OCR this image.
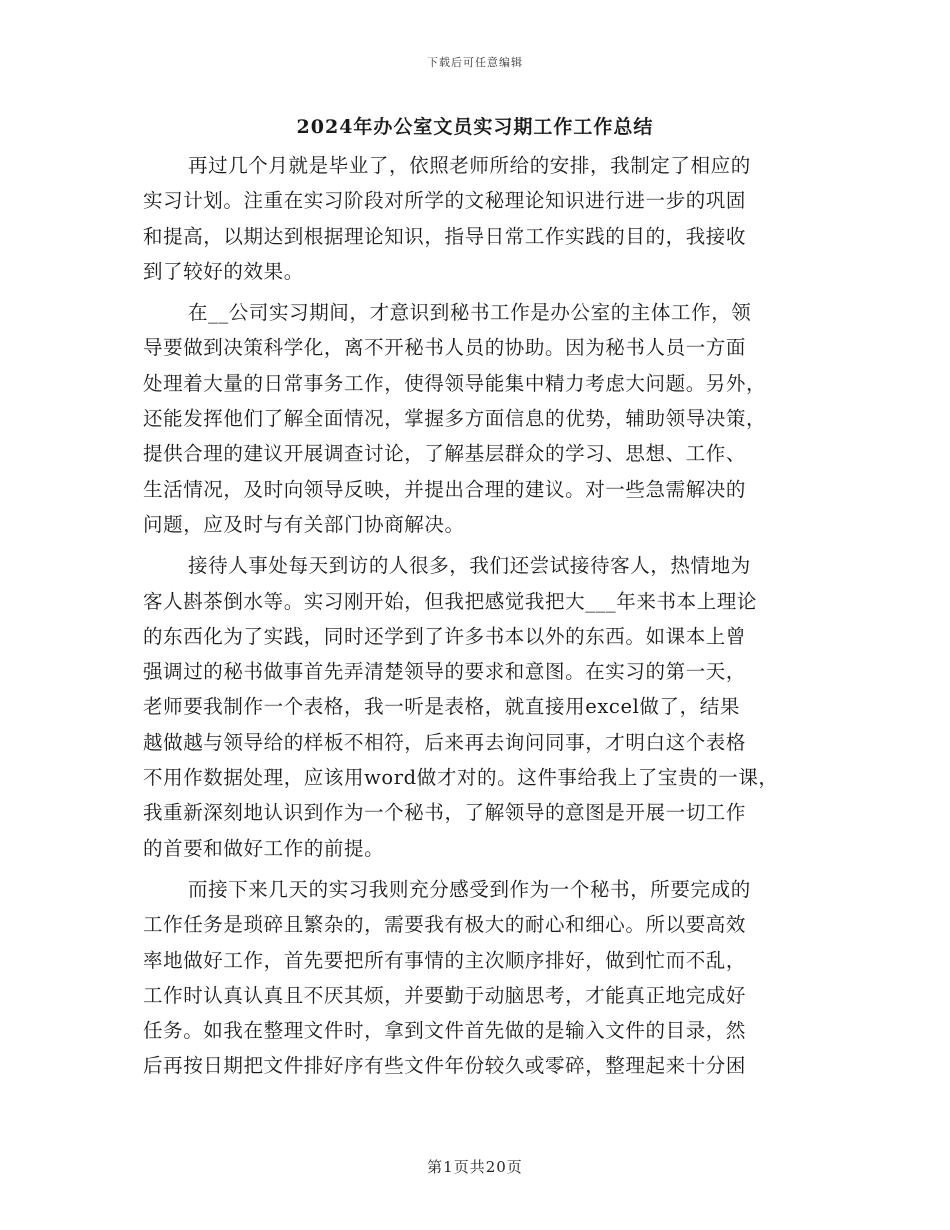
下载后可任意编辑
2024年办公室文员实习期工作工作总结
再过几个月就是毕业了，依照老师所给的安排，我制定了相应的
实习计划。注重在实习阶段对所学的文秘理论知识进行进一步的巩固
和提高，以期达到根据理论知识，指导日常工作实践的目的，我接收
到了较好的效果。
在__公司实习期间，才意识到秘书工作是办公室的主体工作，领
导要做到决策科学化，离不开秘书人员的协助。因为秘书人员一方面
处理着大量的日常事务工作，使得领导能集中精力考虑大问题。另外，
还能发挥他们了解全面情况，掌握多方面信息的优势，辅助领导决策，
提供合理的建议开展调查讨论，了解基层群众的学习、思想、工作、
生活情况，及时向领导反映，并提出合理的建议。对一些急需解决的
问题，应及时与有关部门协商解决。
接待人事处每天到访的人很多，我们还尝试接待客人，热情地为
客人斟茶倒水等。实习刚开始，但我把感觉我把大___年来书本上理论
的东西化为了实践，同时还学到了许多书本以外的东西。如课本上曾
强调过的秘书做事首先弄清楚领导的要求和意图。在实习的第一天，
老师要我制作一个表格，我一听是表格，就直接用excel做了，结果
越做越与领导给的样板不相符，后来再去询问同事，才明白这个表格
不用作数据处理，应该用word做才对的。这件事给我上了宝贵的一课，
我重新深刻地认识到作为一个秘书，了解领导的意图是开展一切工作
的首要和做好工作的前提。
而接下来几天的实习我则充分感受到作为一个秘书，所要完成的
工作任务是琐碎且繁杂的，需要我有极大的耐心和细心。所以要高效
率地做好工作，首先要把所有事情的主次顺序排好，做到忙而不乱，
工作时认真认真且不厌其烦，并要勤于动脑思考，才能真正地完成好
任务。如我在整理文件时，拿到文件首先做的是输入文件的目录，然
后再按日期把文件排好序有些文件年份较久或零碎，整理起来十分困
第1页共20页
